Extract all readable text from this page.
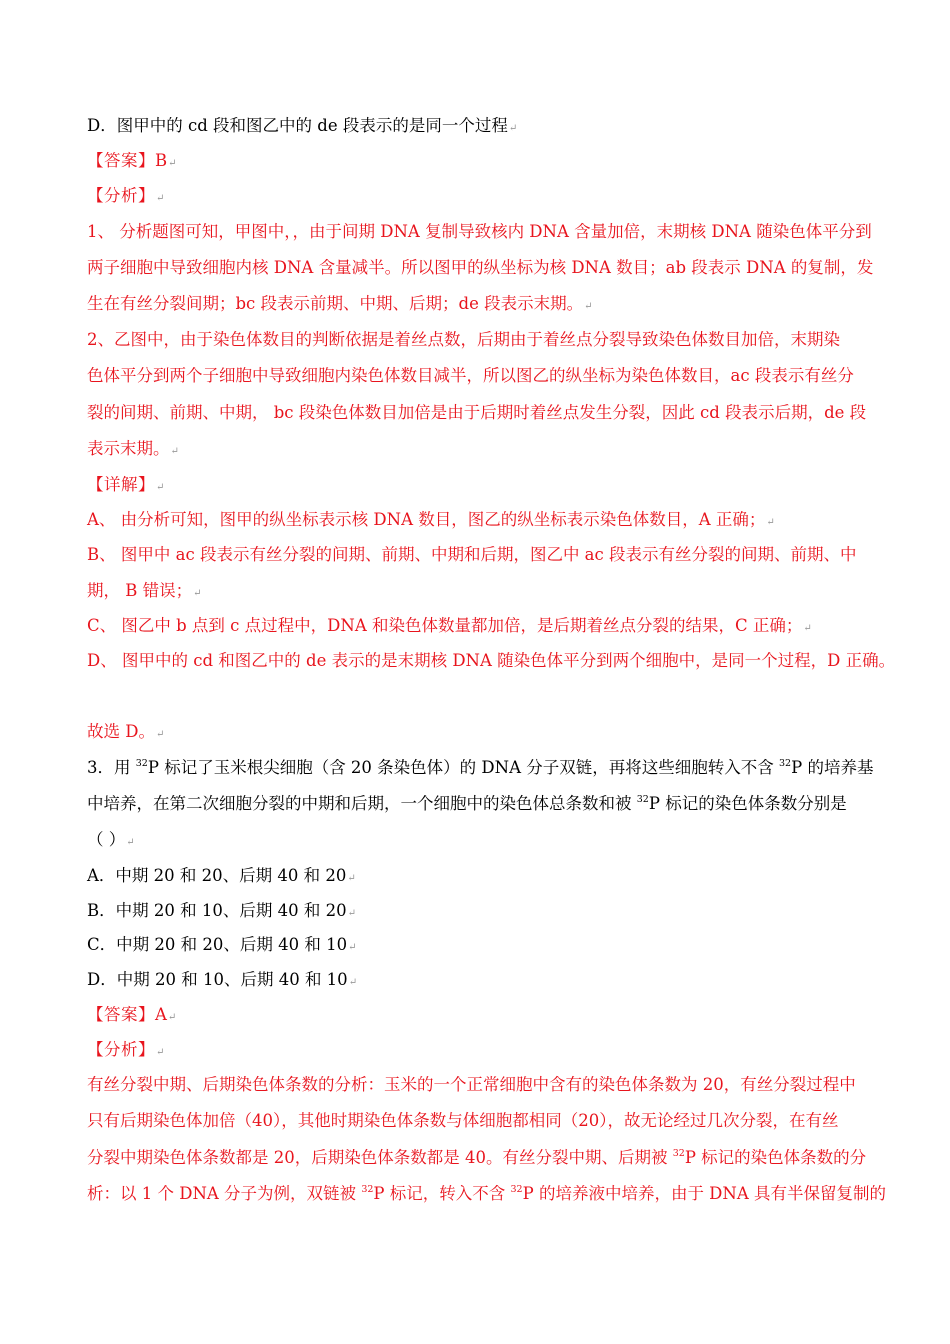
D．图甲中的 cd 段和图乙中的 de 段表示的是同一个过程↵
【答案】B↵
【分析】↵
1、 分析题图可知，甲图中，，由于间期 DNA 复制导致核内 DNA 含量加倍，末期核 DNA 随染色体平分到
两子细胞中导致细胞内核 DNA 含量减半。所以图甲的纵坐标为核 DNA 数目；ab 段表示 DNA 的复制，发
生在有丝分裂间期；bc 段表示前期、中期、后期；de 段表示末期。↵
2、乙图中，由于染色体数目的判断依据是着丝点数，后期由于着丝点分裂导致染色体数目加倍，末期染
色体平分到两个子细胞中导致细胞内染色体数目减半，所以图乙的纵坐标为染色体数目，ac 段表示有丝分
裂的间期、前期、中期， bc 段染色体数目加倍是由于后期时着丝点发生分裂，因此 cd 段表示后期，de 段
表示末期。↵
【详解】↵
A、 由分析可知，图甲的纵坐标表示核 DNA 数目，图乙的纵坐标表示染色体数目，A 正确；↵
B、 图甲中 ac 段表示有丝分裂的间期、前期、中期和后期，图乙中 ac 段表示有丝分裂的间期、前期、中
期， B 错误；↵
C、 图乙中 b 点到 c 点过程中，DNA 和染色体数量都加倍，是后期着丝点分裂的结果，C 正确；↵
D、 图甲中的 cd 和图乙中的 de 表示的是末期核 DNA 随染色体平分到两个细胞中，是同一个过程，D 正确。
故选 D。↵
3．用 $^{32}$P 标记了玉米根尖细胞（含 20 条染色体）的 DNA 分子双链，再将这些细胞转入不含 $^{32}$P 的培养基
中培养，在第二次细胞分裂的中期和后期，一个细胞中的染色体总条数和被 $^{32}$P 标记的染色体条数分别是
（ ）↵
A．中期 20 和 20、后期 40 和 20↵
B．中期 20 和 10、后期 40 和 20↵
C．中期 20 和 20、后期 40 和 10↵
D．中期 20 和 10、后期 40 和 10↵
【答案】A↵
【分析】↵
有丝分裂中期、后期染色体条数的分析：玉米的一个正常细胞中含有的染色体条数为 20，有丝分裂过程中
只有后期染色体加倍（40），其他时期染色体条数与体细胞都相同（20），故无论经过几次分裂，在有丝
分裂中期染色体条数都是 20，后期染色体条数都是 40。有丝分裂中期、后期被 $^{32}$P 标记的染色体条数的分
析：以 1 个 DNA 分子为例，双链被 $^{32}$P 标记，转入不含 $^{32}$P 的培养液中培养，由于 DNA 具有半保留复制的
